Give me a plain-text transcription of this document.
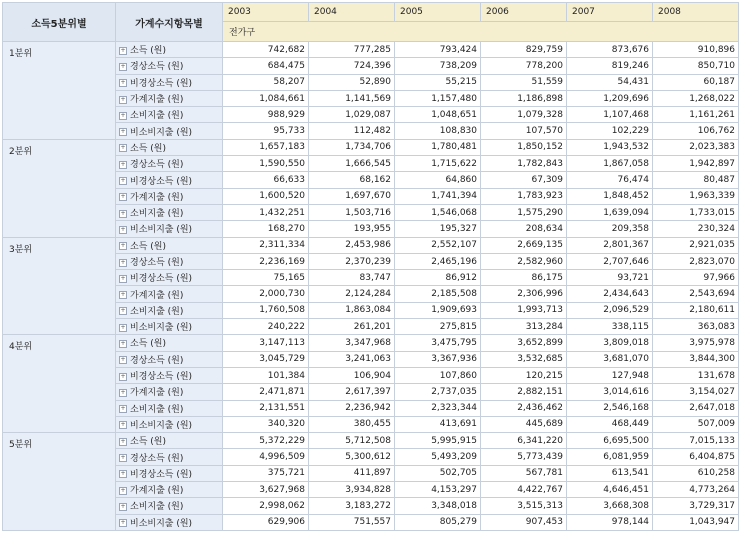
소득5분위별	가계수지항목별	2003	2004	2005	2006	2007	2008
		전가구					
1분위	+ 소득 (원)	742,682	777,285	793,424	829,759	873,676	910,896
	+ 경상소득 (원)	684,475	724,396	738,209	778,200	819,246	850,710
	+ 비경상소득 (원)	58,207	52,890	55,215	51,559	54,431	60,187
	+ 가계지출 (원)	1,084,661	1,141,569	1,157,480	1,186,898	1,209,696	1,268,022
	+ 소비지출 (원)	988,929	1,029,087	1,048,651	1,079,328	1,107,468	1,161,261
	+ 비소비지출 (원)	95,733	112,482	108,830	107,570	102,229	106,762
2분위	+ 소득 (원)	1,657,183	1,734,706	1,780,481	1,850,152	1,943,532	2,023,383
	+ 경상소득 (원)	1,590,550	1,666,545	1,715,622	1,782,843	1,867,058	1,942,897
	+ 비경상소득 (원)	66,633	68,162	64,860	67,309	76,474	80,487
	+ 가계지출 (원)	1,600,520	1,697,670	1,741,394	1,783,923	1,848,452	1,963,339
	+ 소비지출 (원)	1,432,251	1,503,716	1,546,068	1,575,290	1,639,094	1,733,015
	+ 비소비지출 (원)	168,270	193,955	195,327	208,634	209,358	230,324
3분위	+ 소득 (원)	2,311,334	2,453,986	2,552,107	2,669,135	2,801,367	2,921,035
	+ 경상소득 (원)	2,236,169	2,370,239	2,465,196	2,582,960	2,707,646	2,823,070
	+ 비경상소득 (원)	75,165	83,747	86,912	86,175	93,721	97,966
	+ 가계지출 (원)	2,000,730	2,124,284	2,185,508	2,306,996	2,434,643	2,543,694
	+ 소비지출 (원)	1,760,508	1,863,084	1,909,693	1,993,713	2,096,529	2,180,611
	+ 비소비지출 (원)	240,222	261,201	275,815	313,284	338,115	363,083
4분위	+ 소득 (원)	3,147,113	3,347,968	3,475,795	3,652,899	3,809,018	3,975,978
	+ 경상소득 (원)	3,045,729	3,241,063	3,367,936	3,532,685	3,681,070	3,844,300
	+ 비경상소득 (원)	101,384	106,904	107,860	120,215	127,948	131,678
	+ 가계지출 (원)	2,471,871	2,617,397	2,737,035	2,882,151	3,014,616	3,154,027
	+ 소비지출 (원)	2,131,551	2,236,942	2,323,344	2,436,462	2,546,168	2,647,018
	+ 비소비지출 (원)	340,320	380,455	413,691	445,689	468,449	507,009
5분위	+ 소득 (원)	5,372,229	5,712,508	5,995,915	6,341,220	6,695,500	7,015,133
	+ 경상소득 (원)	4,996,509	5,300,612	5,493,209	5,773,439	6,081,959	6,404,875
	+ 비경상소득 (원)	375,721	411,897	502,705	567,781	613,541	610,258
	+ 가계지출 (원)	3,627,968	3,934,828	4,153,297	4,422,767	4,646,451	4,773,264
	+ 소비지출 (원)	2,998,062	3,183,272	3,348,018	3,515,313	3,668,308	3,729,317
	+ 비소비지출 (원)	629,906	751,557	805,279	907,453	978,144	1,043,947
